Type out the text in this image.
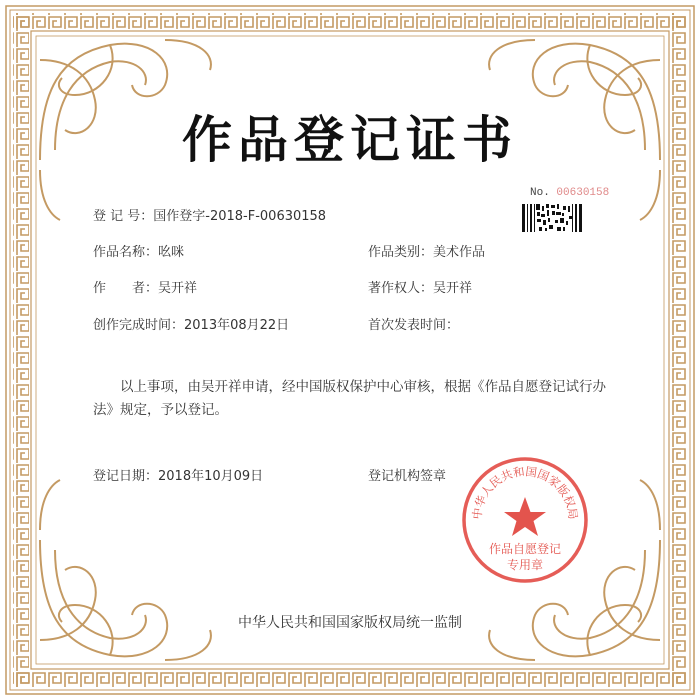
作品登记证书
No. 00630158
登 记 号：国作登字-2018-F-00630158
作品名称：吆咪	作品类别：美术作品
作　　者：吴开祥	著作权人：吴开祥
创作完成时间：2013年08月22日	首次发表时间：
以上事项，由吴开祥申请，经中国版权保护中心审核，根据《作品自愿登记试行办法》规定，予以登记。
登记日期：2018年10月09日	登记机构签章
中华人民共和国国家版权局
作品自愿登记
专用章
中华人民共和国国家版权局统一监制
